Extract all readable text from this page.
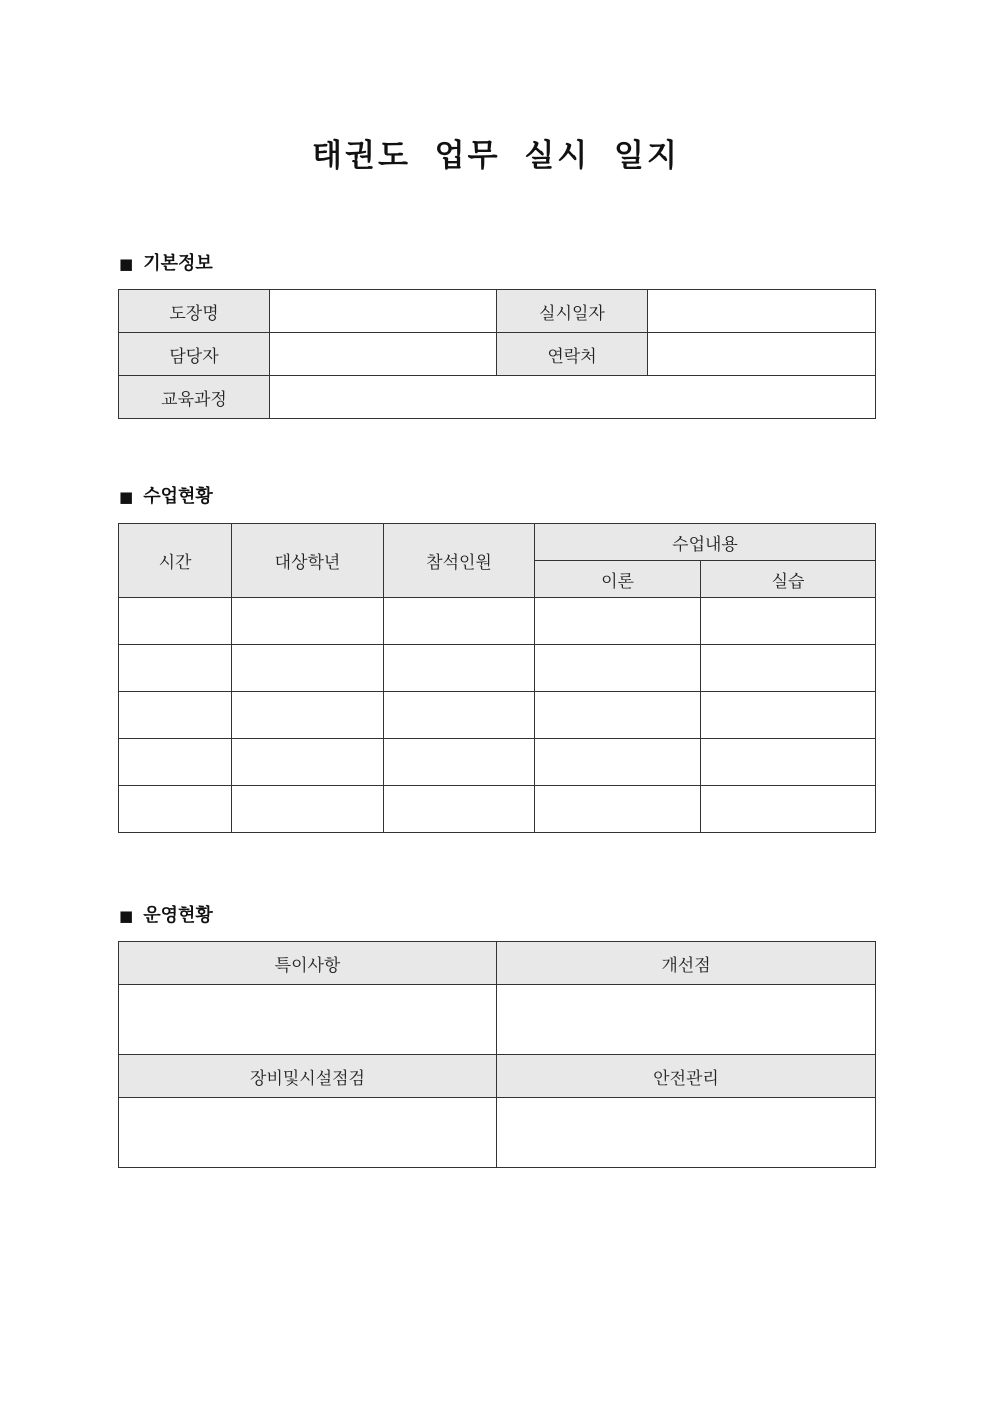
태권도 업무 실시 일지
■ 기본정보
도장명		실시일자	
담당자		연락처	
교육과정			
■ 수업현황
시간	대상학년	참석인원	수업내용	
			이론	실습

■ 운영현황
특이사항	개선점

장비및시설점검	안전관리
